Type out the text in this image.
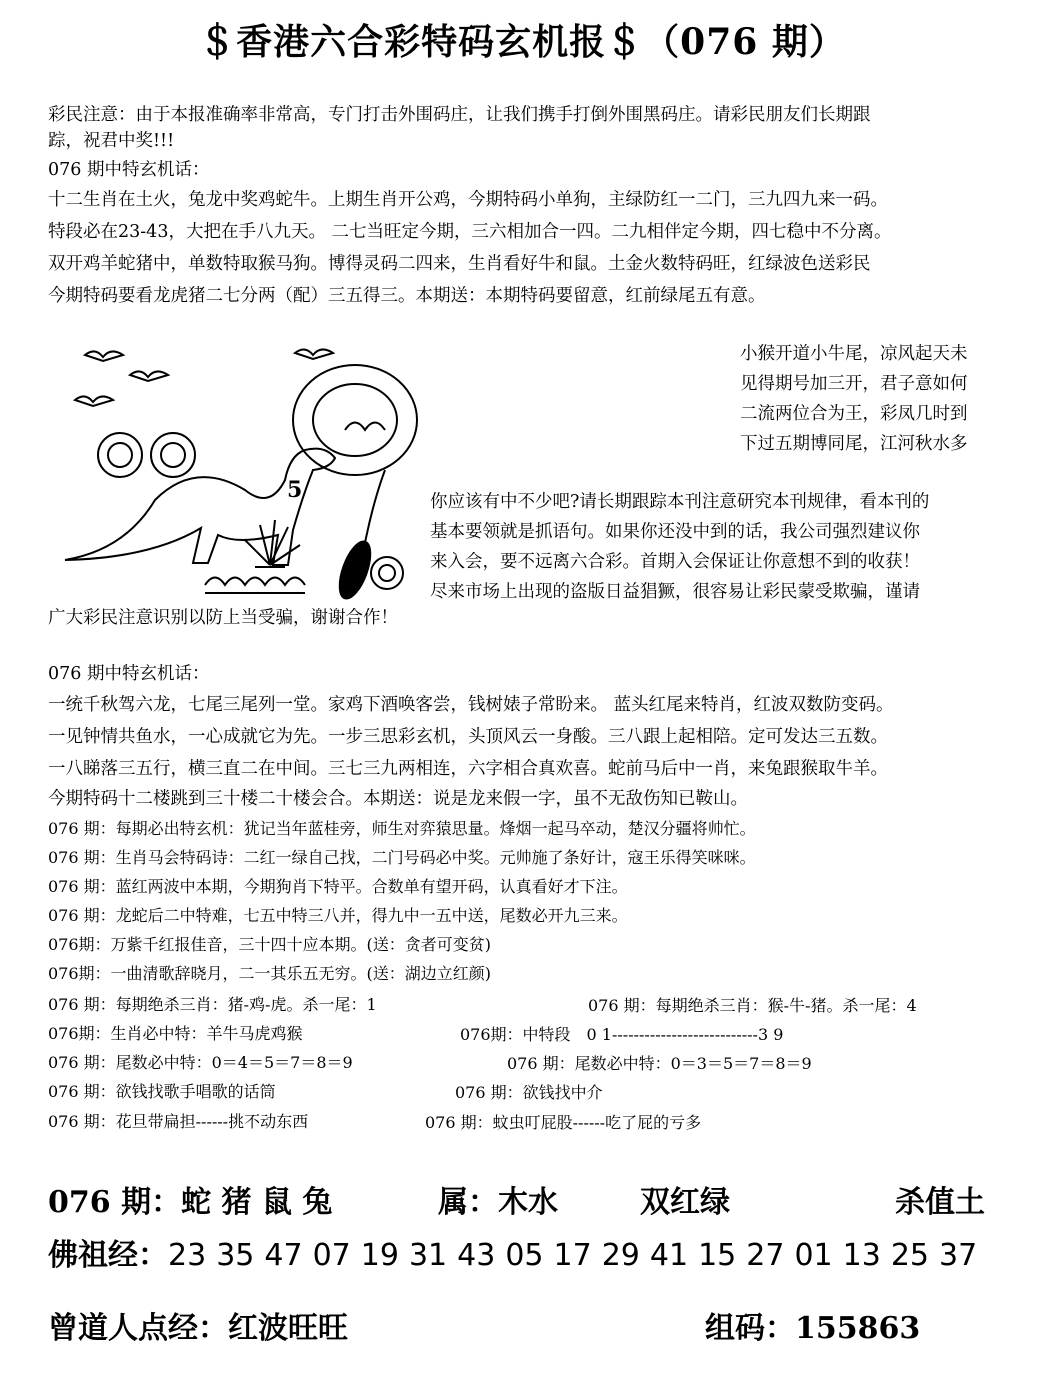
＄香港六合彩特码玄机报＄（076 期）
彩民注意：由于本报准确率非常高，专门打击外围码庄，让我们携手打倒外围黑码庄。请彩民朋友们长期跟
踪，祝君中奖!!!
076 期中特玄机话：
十二生肖在土火，兔龙中奖鸡蛇牛。上期生肖开公鸡，今期特码小单狗，主绿防红一二门，三九四九来一码。
特段必在23-43，大把在手八九天。 二七当旺定今期，三六相加合一四。二九相伴定今期，四七稳中不分离。
双开鸡羊蛇猪中，单数特取猴马狗。博得灵码二四来，生肖看好牛和鼠。土金火数特码旺，红绿波色送彩民
今期特码要看龙虎猪二七分两（配）三五得三。本期送：本期特码要留意，红前绿尾五有意。
5
小猴开道小牛尾，凉风起天未
见得期号加三开，君子意如何
二流两位合为王，彩凤几时到
下过五期博同尾，江河秋水多
你应该有中不少吧?请长期跟踪本刊注意研究本刊规律，看本刊的
基本要领就是抓语句。如果你还没中到的话，我公司强烈建议你
来入会，要不远离六合彩。首期入会保证让你意想不到的收获！
尽来市场上出现的盗版日益猖獗，很容易让彩民蒙受欺骗，谨请
广大彩民注意识别以防上当受骗，谢谢合作！
076 期中特玄机话：
一统千秋驾六龙，七尾三尾列一堂。家鸡下酒唤客尝，钱树婊子常盼来。 蓝头红尾来特肖，红波双数防变码。
一见钟情共鱼水，一心成就它为先。一步三思彩玄机，头顶风云一身酸。三八跟上起相陪。定可发达三五数。
一八睇落三五行，横三直二在中间。三七三九两相连，六字相合真欢喜。蛇前马后中一肖，来兔跟猴取牛羊。
今期特码十二楼跳到三十楼二十楼会合。本期送：说是龙来假一字，虽不无敌伤知已鞍山。
076 期：每期必出特玄机：犹记当年蓝桂旁，师生对弈猿思量。烽烟一起马卒动，楚汉分疆将帅忙。
076 期：生肖马会特码诗：二红一绿自己找，二门号码必中奖。元帅施了条好计，寇王乐得笑咪咪。
076 期：蓝红两波中本期，今期狗肖下特平。合数单有望开码，认真看好才下注。
076 期：龙蛇后二中特难，七五中特三八并，得九中一五中送，尾数必开九三来。
076期：万紫千红报佳音，三十四十应本期。(送：贪者可变贫)
076期：一曲清歌辞晓月，二一其乐五无穷。(送：湖边立红颜)
076 期：每期绝杀三肖：猪-鸡-虎。杀一尾：1	076 期：每期绝杀三肖：猴-牛-猪。杀一尾：4
076期：生肖必中特：羊牛马虎鸡猴	076期：中特段　0 1---------------------------3 9
076 期：尾数必中特：0＝4＝5＝7＝8＝9	076 期：尾数必中特：0＝3＝5＝7＝8＝9
076 期：欲钱找歌手唱歌的话筒	076 期：欲钱找中介
076 期：花旦带扁担------挑不动东西	076 期：蚊虫叮屁股------吃了屁的亏多
076 期：蛇 猪 鼠 兔	属：木水	双红绿	杀值土
佛祖经：23 35 47 07 19 31 43 05 17 29 41 15 27 01 13 25 37
曾道人点经：红波旺旺	组码：155863
